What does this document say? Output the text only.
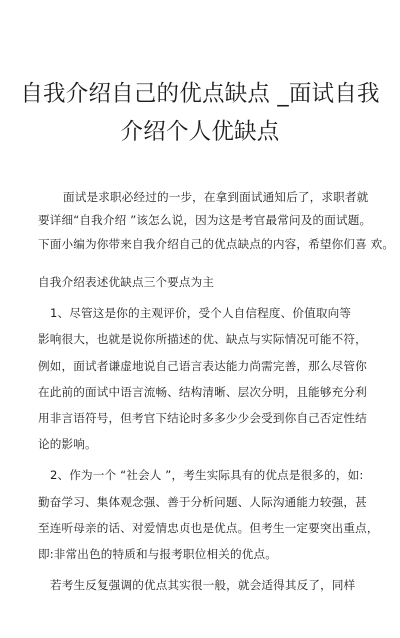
自我介绍自己的优点缺点 _面试自我
介绍个人优缺点
面试是求职必经过的一步，在拿到面试通知后了，求职者就
要详细“自我介绍 ”该怎么说，因为这是考官最常问及的面试题。
下面小编为你带来自我介绍自己的优点缺点的内容，希望你们喜 欢。
自我介绍表述优缺点三个要点为主
1、尽管这是你的主观评价，受个人自信程度、价值取向等
影响很大，也就是说你所描述的优、缺点与实际情况可能不符，
例如，面试者谦虚地说自己语言表达能力尚需完善，那么尽管你
在此前的面试中语言流畅、结构清晰、层次分明，且能够充分利
用非言语符号，但考官下结论时多多少少会受到你自己否定性结
论的影响。
2、作为一个 “社会人 ”，考生实际具有的优点是很多的，如:
勤奋学习、集体观念强、善于分析问题、人际沟通能力较强，甚
至连听母亲的话、对爱情忠贞也是优点。但考生一定要突出重点，
即:非常出色的特质和与报考职位相关的优点。
若考生反复强调的优点其实很一般，就会适得其反了，同样
